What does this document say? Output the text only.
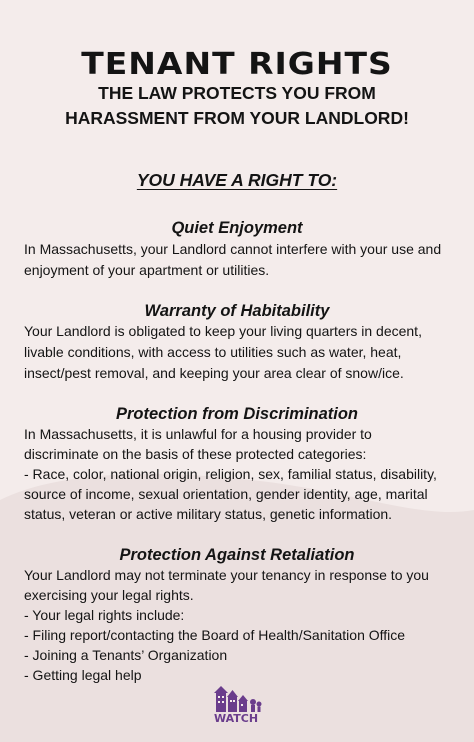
TENANT RIGHTS

THE LAW PROTECTS YOU FROM

HARASSMENT FROM YOUR LANDLORD!

YOU HAVE A RIGHT TO:

Quiet Enjoyment

In Massachusetts, your Landlord cannot interfere with your use and

enjoyment of your apartment or utilities.

Warranty of Habitability

Your Landlord is obligated to keep your living quarters in decent,

livable conditions, with access to utilities such as water, heat,

insect/pest removal, and keeping your area clear of snow/ice.

Protection from Discrimination

In Massachusetts, it is unlawful for a housing provider to

discriminate on the basis of these protected categories:

- Race, color, national origin, religion, sex, familial status, disability,

source of income, sexual orientation, gender identity, age, marital

status, veteran or active military status, genetic information.

Protection Against Retaliation

Your Landlord may not terminate your tenancy in response to you

exercising your legal rights.

- Your legal rights include:

- Filing report/contacting the Board of Health/Sanitation Office

- Joining a Tenants’ Organization

- Getting legal help

WATCH
